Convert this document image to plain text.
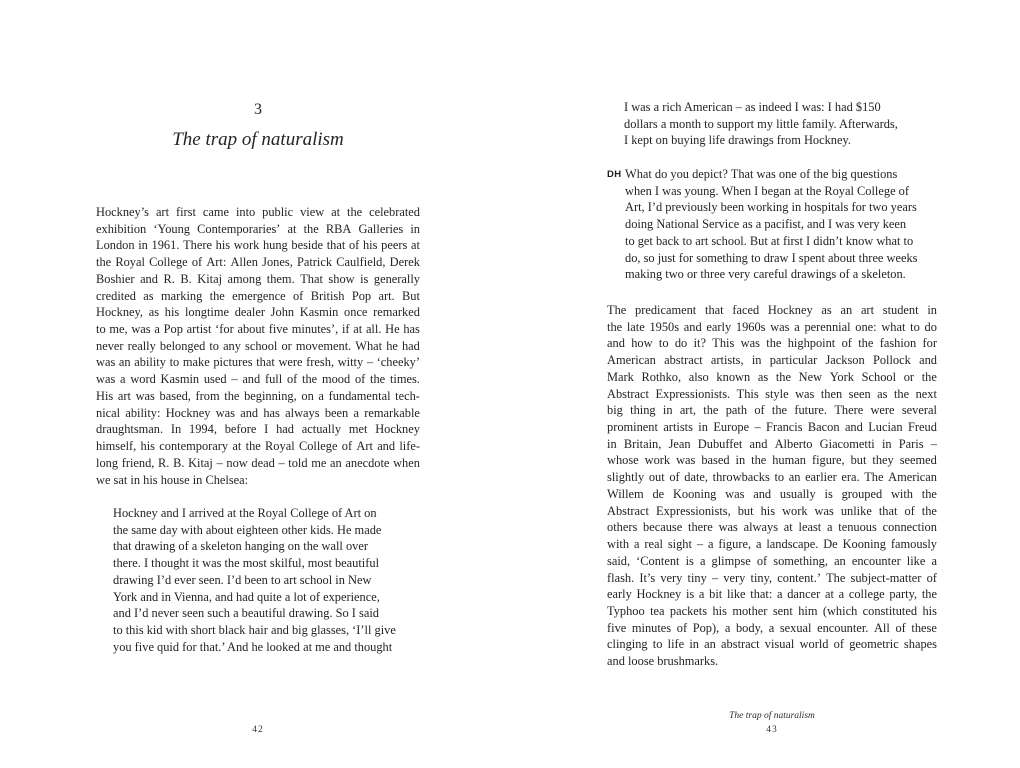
3
The trap of naturalism
Hockney’s art first came into public view at the celebrated
exhibition ‘Young Contemporaries’ at the RBA Galleries in
London in 1961. There his work hung beside that of his peers at
the Royal College of Art: Allen Jones, Patrick Caulfield, Derek
Boshier and R. B. Kitaj among them. That show is generally
credited as marking the emergence of British Pop art. But
Hockney, as his longtime dealer John Kasmin once remarked
to me, was a Pop artist ‘for about five minutes’, if at all. He has
never really belonged to any school or movement. What he had
was an ability to make pictures that were fresh, witty – ‘cheeky’
was a word Kasmin used – and full of the mood of the times.
His art was based, from the beginning, on a fundamental tech-
nical ability: Hockney was and has always been a remarkable
draughtsman. In 1994, before I had actually met Hockney
himself, his contemporary at the Royal College of Art and life-
long friend, R. B. Kitaj – now dead – told me an anecdote when
we sat in his house in Chelsea:
Hockney and I arrived at the Royal College of Art on
the same day with about eighteen other kids. He made
that drawing of a skeleton hanging on the wall over
there. I thought it was the most skilful, most beautiful
drawing I’d ever seen. I’d been to art school in New
York and in Vienna, and had quite a lot of experience,
and I’d never seen such a beautiful drawing. So I said
to this kid with short black hair and big glasses, ‘I’ll give
you five quid for that.’ And he looked at me and thought
42
I was a rich American – as indeed I was: I had $150
dollars a month to support my little family. Afterwards,
I kept on buying life drawings from Hockney.
DH What do you depict? That was one of the big questions
when I was young. When I began at the Royal College of
Art, I’d previously been working in hospitals for two years
doing National Service as a pacifist, and I was very keen
to get back to art school. But at first I didn’t know what to
do, so just for something to draw I spent about three weeks
making two or three very careful drawings of a skeleton.
The predicament that faced Hockney as an art student in
the late 1950s and early 1960s was a perennial one: what to do
and how to do it? This was the highpoint of the fashion for
American abstract artists, in particular Jackson Pollock and
Mark Rothko, also known as the New York School or the
Abstract Expressionists. This style was then seen as the next
big thing in art, the path of the future. There were several
prominent artists in Europe – Francis Bacon and Lucian Freud
in Britain, Jean Dubuffet and Alberto Giacometti in Paris –
whose work was based in the human figure, but they seemed
slightly out of date, throwbacks to an earlier era. The American
Willem de Kooning was and usually is grouped with the
Abstract Expressionists, but his work was unlike that of the
others because there was always at least a tenuous connection
with a real sight – a figure, a landscape. De Kooning famously
said, ‘Content is a glimpse of something, an encounter like a
flash. It’s very tiny – very tiny, content.’ The subject-matter of
early Hockney is a bit like that: a dancer at a college party, the
Typhoo tea packets his mother sent him (which constituted his
five minutes of Pop), a body, a sexual encounter. All of these
clinging to life in an abstract visual world of geometric shapes
and loose brushmarks.
The trap of naturalism
43
